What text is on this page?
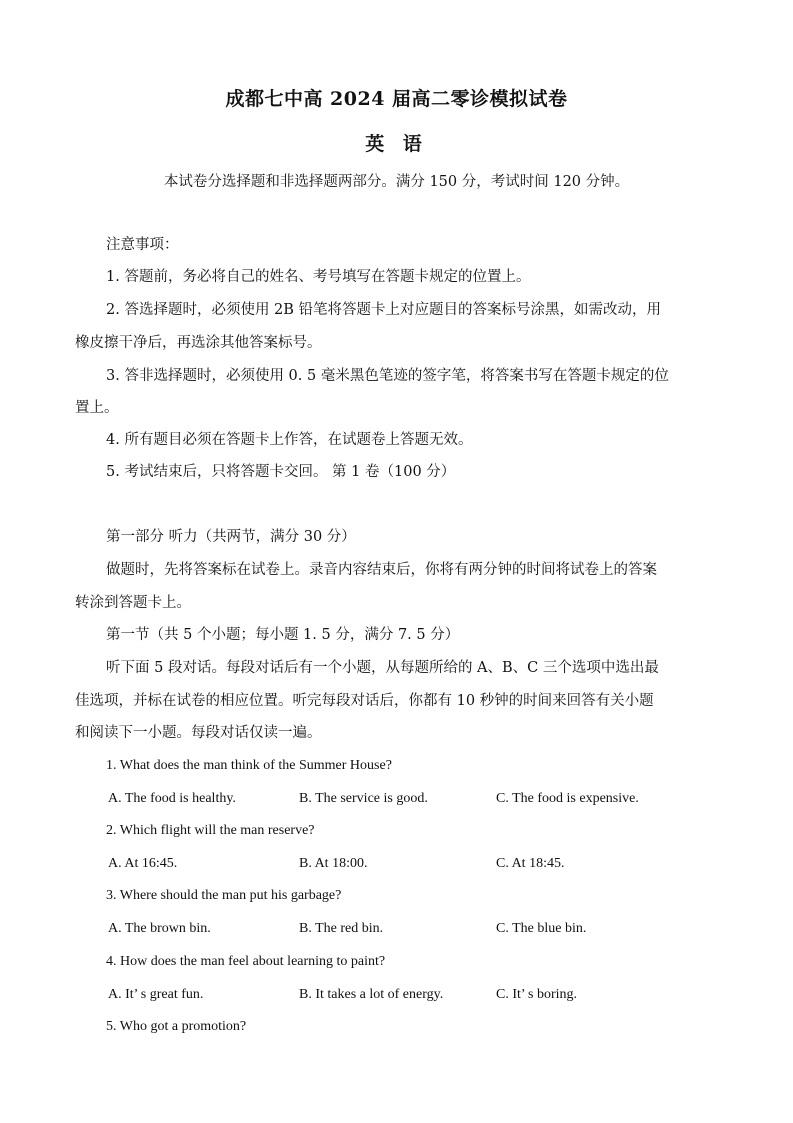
成都七中高 2024 届高二零诊模拟试卷
英 语
本试卷分选择题和非选择题两部分。满分 150 分，考试时间 120 分钟。
注意事项：
1. 答题前，务必将自己的姓名、考号填写在答题卡规定的位置上。
2. 答选择题时，必须使用 2B 铅笔将答题卡上对应题目的答案标号涂黑，如需改动，用
橡皮擦干净后，再选涂其他答案标号。
3. 答非选择题时，必须使用 0. 5 毫米黑色笔迹的签字笔，将答案书写在答题卡规定的位
置上。
4. 所有题目必须在答题卡上作答，在试题卷上答题无效。
5. 考试结束后，只将答题卡交回。 第 1 卷（100 分）
第一部分 听力（共两节，满分 30 分）
做题时，先将答案标在试卷上。录音内容结束后，你将有两分钟的时间将试卷上的答案
转涂到答题卡上。
第一节（共 5 个小题；每小题 1. 5 分，满分 7. 5 分）
听下面 5 段对话。每段对话后有一个小题，从每题所给的 A、B、C 三个选项中选出最
佳选项，并标在试卷的相应位置。听完每段对话后，你都有 10 秒钟的时间来回答有关小题
和阅读下一小题。每段对话仅读一遍。
1. What does the man think of the Summer House?
A. The food is healthy.	B. The service is good.	C. The food is expensive.
2. Which flight will the man reserve?
A. At 16:45.	B. At 18:00.	C. At 18:45.
3. Where should the man put his garbage?
A. The brown bin.	B. The red bin.	C. The blue bin.
4. How does the man feel about learning to paint?
A. It’ s great fun.	B. It takes a lot of energy.	C. It’ s boring.
5. Who got a promotion?
